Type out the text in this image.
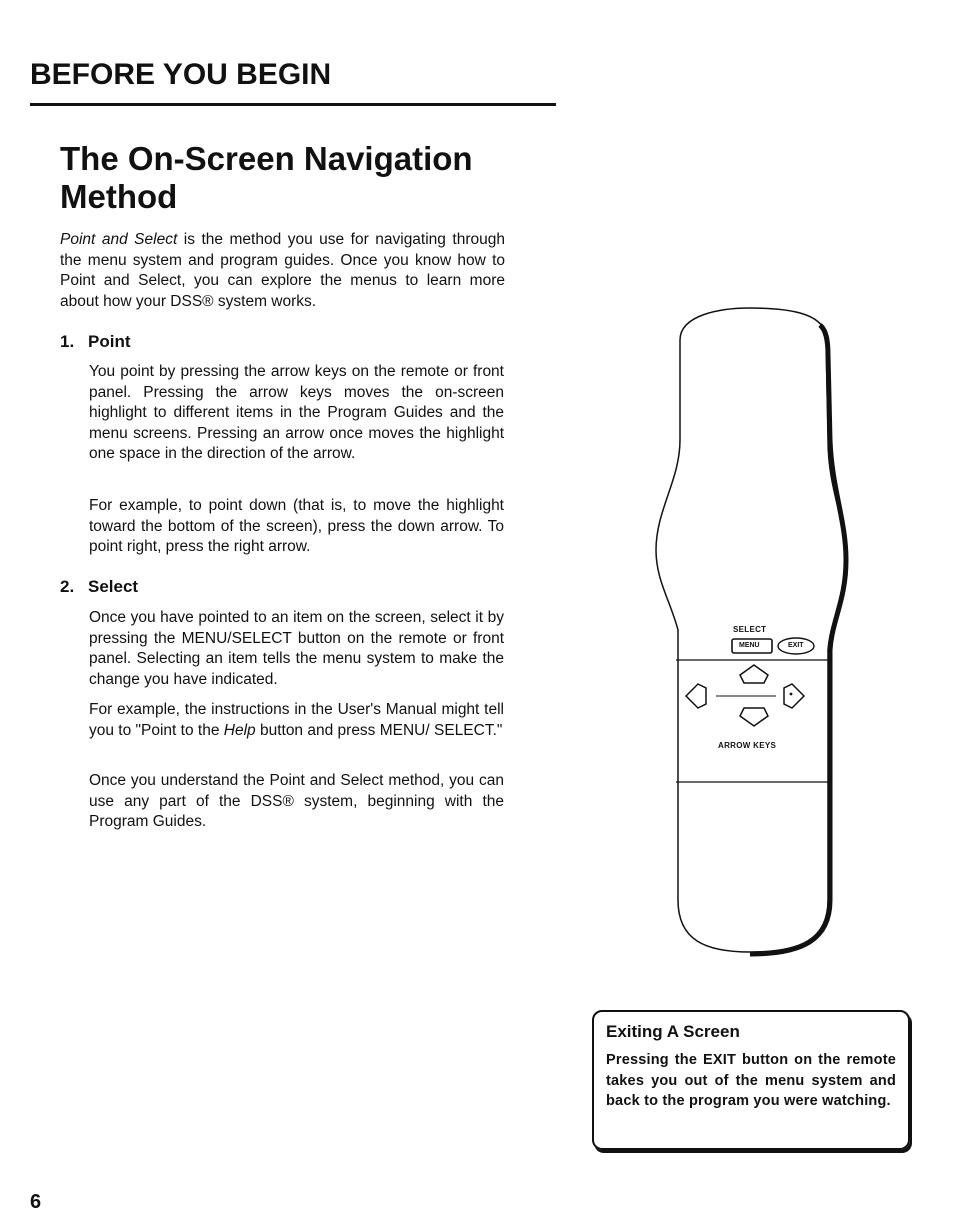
BEFORE YOU BEGIN
The On-Screen Navigation Method

Point and Select is the method you use for navigating through the menu system and program guides. Once you know how to Point and Select, you can explore the menus to learn more about how your DSS® system works.

1. Point

You point by pressing the arrow keys on the remote or front panel. Pressing the arrow keys moves the on-screen highlight to different items in the Program Guides and the menu screens. Pressing an arrow once moves the highlight one space in the direction of the arrow.

For example, to point down (that is, to move the highlight toward the bottom of the screen), press the down arrow. To point right, press the right arrow.

2. Select

Once you have pointed to an item on the screen, select it by pressing the MENU/SELECT button on the remote or front panel. Selecting an item tells the menu system to make the change you have indicated.

For example, the instructions in the User's Manual might tell you to "Point to the Help button and press MENU/ SELECT."

Once you understand the Point and Select method, you can use any part of the DSS® system, beginning with the Program Guides.

SELECT
MENU	EXIT
ARROW KEYS
Exiting A Screen

Pressing the EXIT button on the remote takes you out of the menu system and back to the program you were watching.

6
